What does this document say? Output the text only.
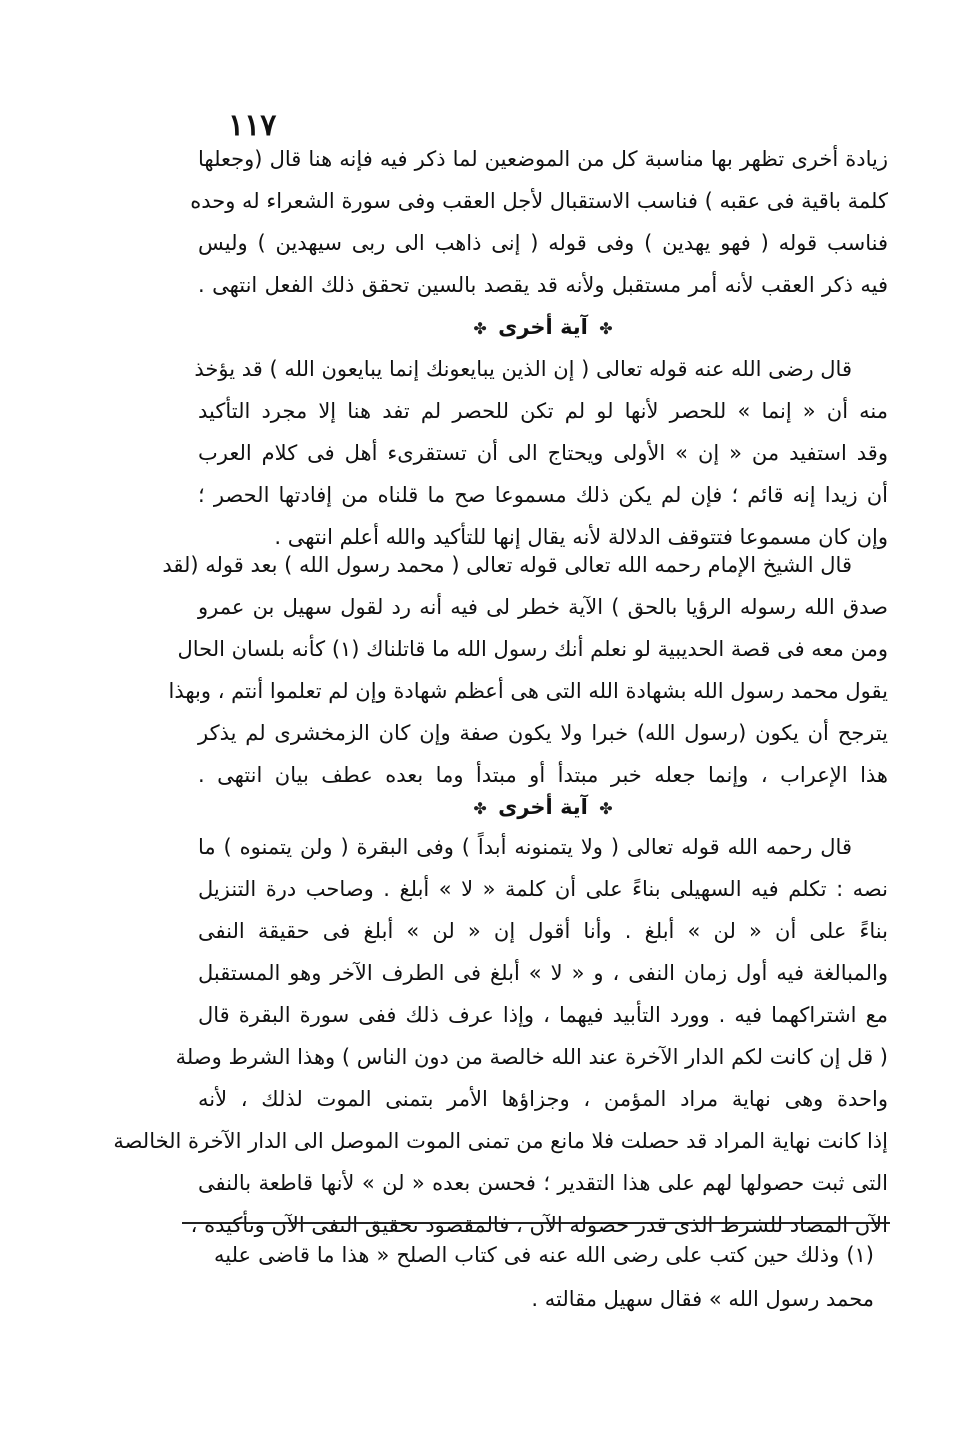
١١٧
زيادة أخرى تظهر بها مناسبة كل من الموضعين لما ذكر فيه فإنه هنا قال (وجعلها
كلمة باقية فى عقبه ) فناسب الاستقبال لأجل العقب وفى سورة الشعراء له وحده
فناسب قوله ( فهو يهدين ) وفى قوله ( إنى ذاهب الى ربى سيهدين ) وليس
فيه ذكر العقب لأنه أمر مستقبل ولأنه قد يقصد بالسين تحقق ذلك الفعل انتهى .
✤ آية أخرى ✤
قال رضى الله عنه قوله تعالى ( إن الذين يبايعونك إنما يبايعون الله ) قد يؤخذ
منه أن « إنما » للحصر لأنها لو لم تكن للحصر لم تفد هنا إلا مجرد التأكيد
وقد استفيد من « إن » الأولى ويحتاج الى أن تستقرىء أهل فى كلام العرب
أن زيدا إنه قائم ؛ فإن لم يكن ذلك مسموعا صح ما قلناه من إفادتها الحصر ؛
وإن كان مسموعا فتتوقف الدلالة لأنه يقال إنها للتأكيد والله أعلم انتهى .
قال الشيخ الإمام رحمه الله تعالى قوله تعالى ( محمد رسول الله ) بعد قوله (لقد
صدق الله رسوله الرؤيا بالحق ) الآية خطر لى فيه أنه رد لقول سهيل بن عمرو
ومن معه فى قصة الحديبية لو نعلم أنك رسول الله ما قاتلناك (١) كأنه بلسان الحال
يقول محمد رسول الله بشهادة الله التى هى أعظم شهادة وإن لم تعلموا أنتم ، وبهذا
يترجح أن يكون (رسول الله) خبرا ولا يكون صفة وإن كان الزمخشرى لم يذكر
هذا الإعراب ، وإنما جعله خبر مبتدأ أو مبتدأ وما بعده عطف بيان انتهى .
✤ آية أخرى ✤
قال رحمه الله قوله تعالى ( ولا يتمنونه أبداً ) وفى البقرة ( ولن يتمنوه ) ما
نصه : تكلم فيه السهيلى بناءً على أن كلمة « لا » أبلغ . وصاحب درة التنزيل
بناءً على أن « لن » أبلغ . وأنا أقول إن « لن » أبلغ فى حقيقة النفى
والمبالغة فيه أول زمان النفى ، و « لا » أبلغ فى الطرف الآخر وهو المستقبل
مع اشتراكهما فيه . وورد التأبيد فيهما ، وإذا عرف ذلك ففى سورة البقرة قال
( قل إن كانت لكم الدار الآخرة عند الله خالصة من دون الناس ) وهذا الشرط وصلة
واحدة وهى نهاية مراد المؤمن ، وجزاؤها الأمر بتمنى الموت لذلك ، لأنه
إذا كانت نهاية المراد قد حصلت فلا مانع من تمنى الموت الموصل الى الدار الآخرة الخالصة
التى ثبت حصولها لهم على هذا التقدير ؛ فحسن بعده « لن » لأنها قاطعة بالنفى
الآن المضاد للشرط الذى قدر حصوله الآن ، فالمقصود تحقيق النفى الآن وتأكيده ،
(١) وذلك حين كتب على رضى الله عنه فى كتاب الصلح « هذا ما قاضى عليه
محمد رسول الله » فقال سهيل مقالته .
